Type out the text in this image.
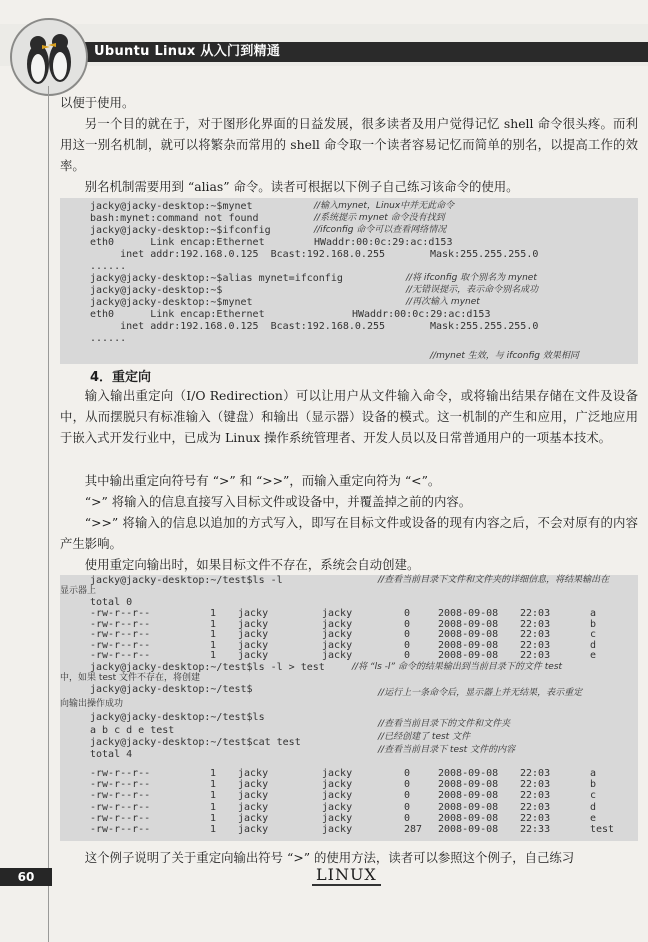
Ubuntu Linux 从入门到精通
以便于使用。
另一个目的就在于，对于图形化界面的日益发展，很多读者及用户觉得记忆 shell 命令很头疼。而利用这一别名机制，就可以将繁杂而常用的 shell 命令取一个读者容易记忆而简单的别名，以提高工作的效率。
别名机制需要用到 “alias” 命令。读者可根据以下例子自己练习该命令的使用。
jacky@jacky-desktop:~$mynet	//输入mynet，Linux中并无此命令
bash:mynet:command not found	//系统提示 mynet 命令没有找到
jacky@jacky-desktop:~$ifconfig	//ifconfig 命令可以查看网络情况
eth0      Link encap:Ethernet	HWaddr:00:0c:29:ac:d153
inet addr:192.168.0.125  Bcast:192.168.0.255	Mask:255.255.255.0
......
jacky@jacky-desktop:~$alias mynet=ifconfig	//将 ifconfig 取个别名为 mynet
jacky@jacky-desktop:~$	//无错误提示，表示命令别名成功
jacky@jacky-desktop:~$mynet	//再次输入 mynet
eth0      Link encap:Ethernet	HWaddr:00:0c:29:ac:d153
inet addr:192.168.0.125  Bcast:192.168.0.255	Mask:255.255.255.0
......
//mynet 生效，与 ifconfig 效果相同
4．重定向
输入输出重定向（I/O Redirection）可以让用户从文件输入命令，或将输出结果存储在文件及设备中，从而摆脱只有标准输入（键盘）和输出（显示器）设备的模式。这一机制的产生和应用，广泛地应用于嵌入式开发行业中，已成为 Linux 操作系统管理者、开发人员以及日常普通用户的一项基本技术。
其中输出重定向符号有 “>” 和 “>>”，而输入重定向符为 “<”。
“>” 将输入的信息直接写入目标文件或设备中，并覆盖掉之前的内容。
“>>” 将输入的信息以追加的方式写入，即写在目标文件或设备的现有内容之后，不会对原有的内容产生影响。
使用重定向输出时，如果目标文件不存在，系统会自动创建。
jacky@jacky-desktop:~/test$ls -l	//查看当前目录下文件和文件夹的详细信息，将结果输出在
显示器上
total 0
-rw-r--r--	1 jacky	jacky	0	2008-09-08 22:03	a
-rw-r--r--	1 jacky	jacky	0	2008-09-08 22:03	b
-rw-r--r--	1 jacky	jacky	0	2008-09-08 22:03	c
-rw-r--r--	1 jacky	jacky	0	2008-09-08 22:03	d
-rw-r--r--	1 jacky	jacky	0	2008-09-08 22:03	e
jacky@jacky-desktop:~/test$ls -l > test	//将 “ls -l” 命令的结果输出到当前目录下的文件 test
中，如果 test 文件不存在，将创建
jacky@jacky-desktop:~/test$	//运行上一条命令后，显示器上并无结果，表示重定
向输出操作成功
jacky@jacky-desktop:~/test$ls
//查看当前目录下的文件和文件夹
a b c d e test
//已经创建了 test 文件
jacky@jacky-desktop:~/test$cat test
//查看当前目录下 test 文件的内容
total 4
-rw-r--r--	1 jacky	jacky	0	2008-09-08 22:03	a
-rw-r--r--	1 jacky	jacky	0	2008-09-08 22:03	b
-rw-r--r--	1 jacky	jacky	0	2008-09-08 22:03	c
-rw-r--r--	1 jacky	jacky	0	2008-09-08 22:03	d
-rw-r--r--	1 jacky	jacky	0	2008-09-08 22:03	e
-rw-r--r--	1 jacky	jacky	287 2008-09-08 22:33	test
这个例子说明了关于重定向输出符号 “>” 的使用方法，读者可以参照这个例子，自己练习
60	LINUX
